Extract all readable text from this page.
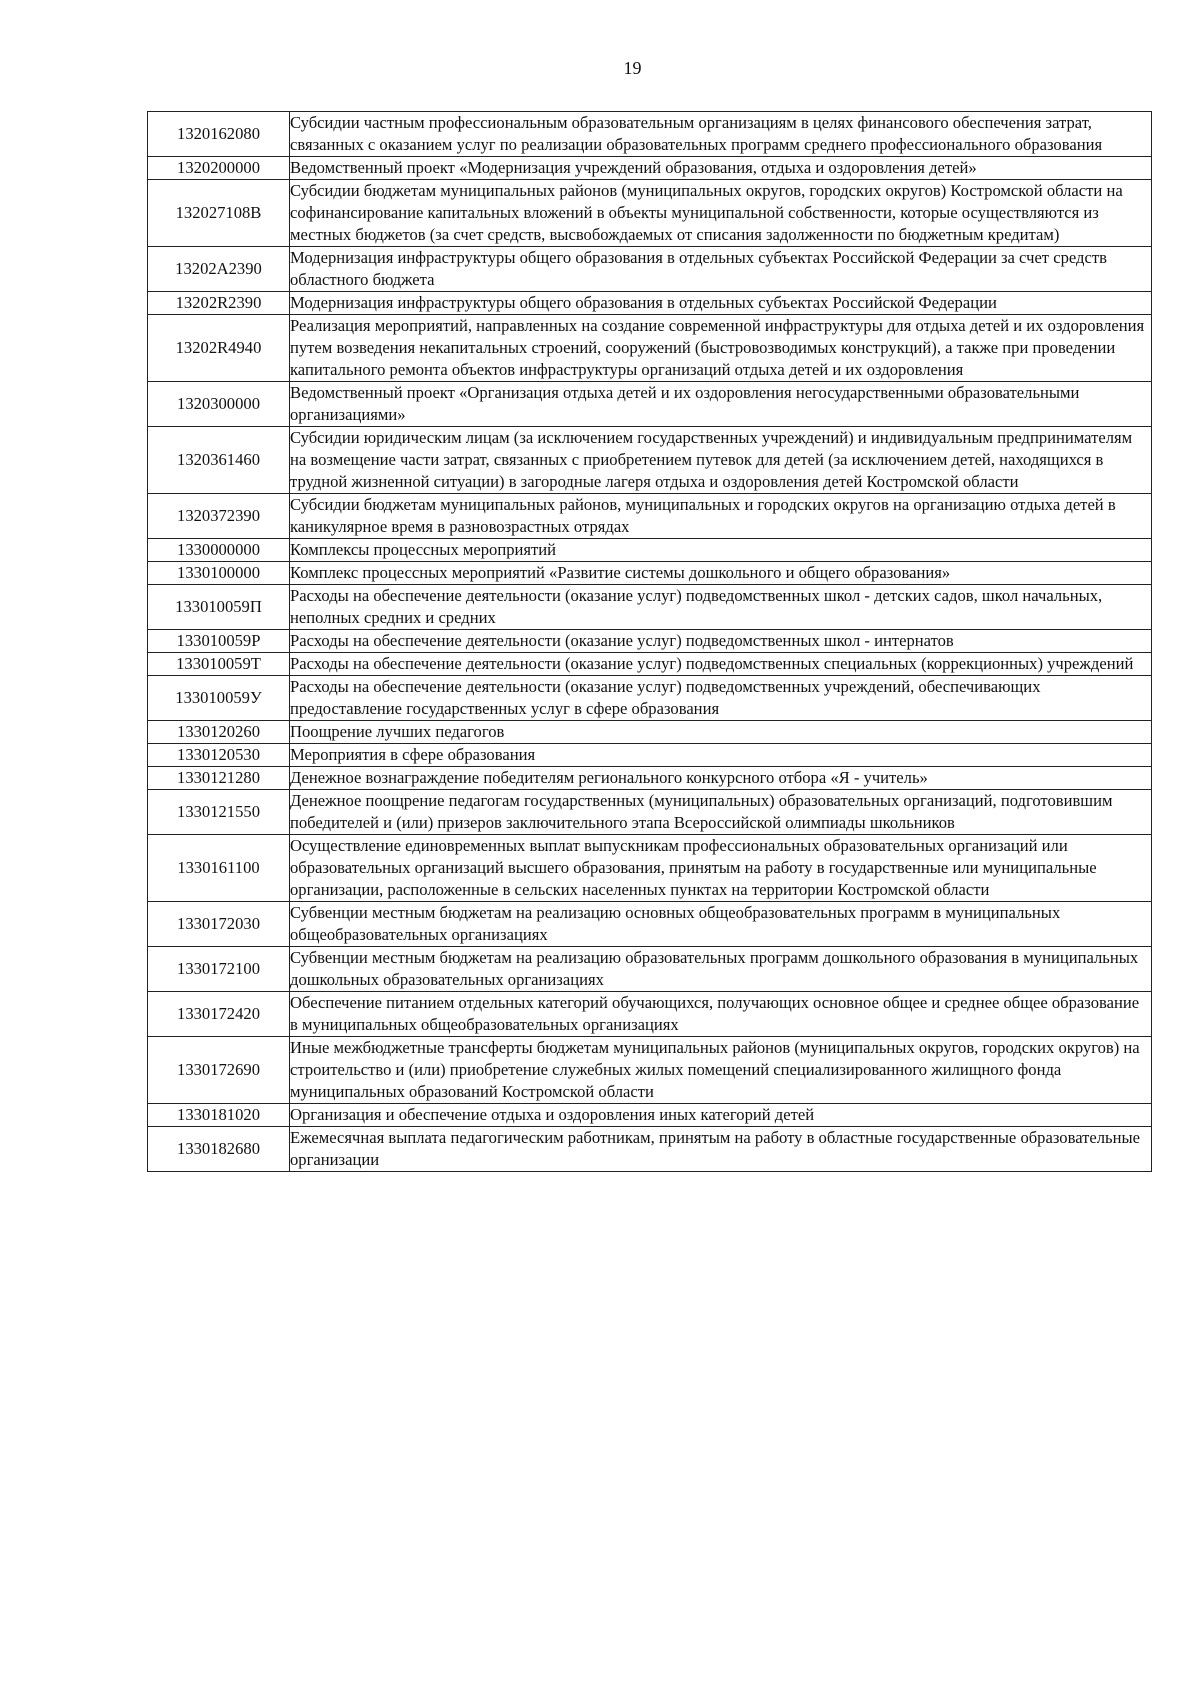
19
1320162080	Субсидии частным профессиональным образовательным организациям в целях финансового обеспечения затрат, связанных с оказанием услуг по реализации образовательных программ среднего профессионального образования
1320200000	Ведомственный проект «Модернизация учреждений образования, отдыха и оздоровления детей»
132027108В	Субсидии бюджетам муниципальных районов (муниципальных округов, городских округов) Костромской области на софинансирование капитальных вложений в объекты муниципальной собственности, которые осуществляются из местных бюджетов (за счет средств, высвобождаемых от списания задолженности по бюджетным кредитам)
13202A2390	Модернизация инфраструктуры общего образования в отдельных субъектах Российской Федерации за счет средств областного бюджета
13202R2390	Модернизация инфраструктуры общего образования в отдельных субъектах Российской Федерации
13202R4940	Реализация мероприятий, направленных на создание современной инфраструктуры для отдыха детей и их оздоровления путем возведения некапитальных строений, сооружений (быстровозводимых конструкций), а также при проведении капитального ремонта объектов инфраструктуры организаций отдыха детей и их оздоровления
1320300000	Ведомственный проект «Организация отдыха детей и их оздоровления негосударственными образовательными организациями»
1320361460	Субсидии юридическим лицам (за исключением государственных учреждений) и индивидуальным предпринимателям на возмещение части затрат, связанных с приобретением путевок для детей (за исключением детей, находящихся в трудной жизненной ситуации) в загородные лагеря отдыха и оздоровления детей Костромской области
1320372390	Субсидии бюджетам муниципальных районов, муниципальных и городских округов на организацию отдыха детей в каникулярное время в разновозрастных отрядах
1330000000	Комплексы процессных мероприятий
1330100000	Комплекс процессных мероприятий «Развитие системы дошкольного и общего образования»
133010059П	Расходы на обеспечение деятельности (оказание услуг) подведомственных школ - детских садов, школ начальных, неполных средних и средних
133010059Р	Расходы на обеспечение деятельности (оказание услуг) подведомственных школ - интернатов
133010059Т	Расходы на обеспечение деятельности (оказание услуг) подведомственных специальных (коррекционных) учреждений
133010059У	Расходы на обеспечение деятельности (оказание услуг) подведомственных учреждений, обеспечивающих предоставление государственных услуг в сфере образования
1330120260	Поощрение лучших педагогов
1330120530	Мероприятия в сфере образования
1330121280	Денежное вознаграждение победителям регионального конкурсного отбора «Я - учитель»
1330121550	Денежное поощрение педагогам государственных (муниципальных) образовательных организаций, подготовившим победителей и (или) призеров заключительного этапа Всероссийской олимпиады школьников
1330161100	Осуществление единовременных выплат выпускникам профессиональных образовательных организаций или образовательных организаций высшего образования, принятым на работу в государственные или муниципальные организации, расположенные в сельских населенных пунктах на территории Костромской области
1330172030	Субвенции местным бюджетам на реализацию основных общеобразовательных программ в муниципальных общеобразовательных организациях
1330172100	Субвенции местным бюджетам на реализацию образовательных программ дошкольного образования в муниципальных дошкольных образовательных организациях
1330172420	Обеспечение питанием отдельных категорий обучающихся, получающих основное общее и среднее общее образование в муниципальных общеобразовательных организациях
1330172690	Иные межбюджетные трансферты бюджетам муниципальных районов (муниципальных округов, городских округов) на строительство и (или) приобретение служебных жилых помещений специализированного жилищного фонда муниципальных образований Костромской области
1330181020	Организация и обеспечение отдыха и оздоровления иных категорий детей
1330182680	Ежемесячная выплата педагогическим работникам, принятым на работу в областные государственные образовательные организации
